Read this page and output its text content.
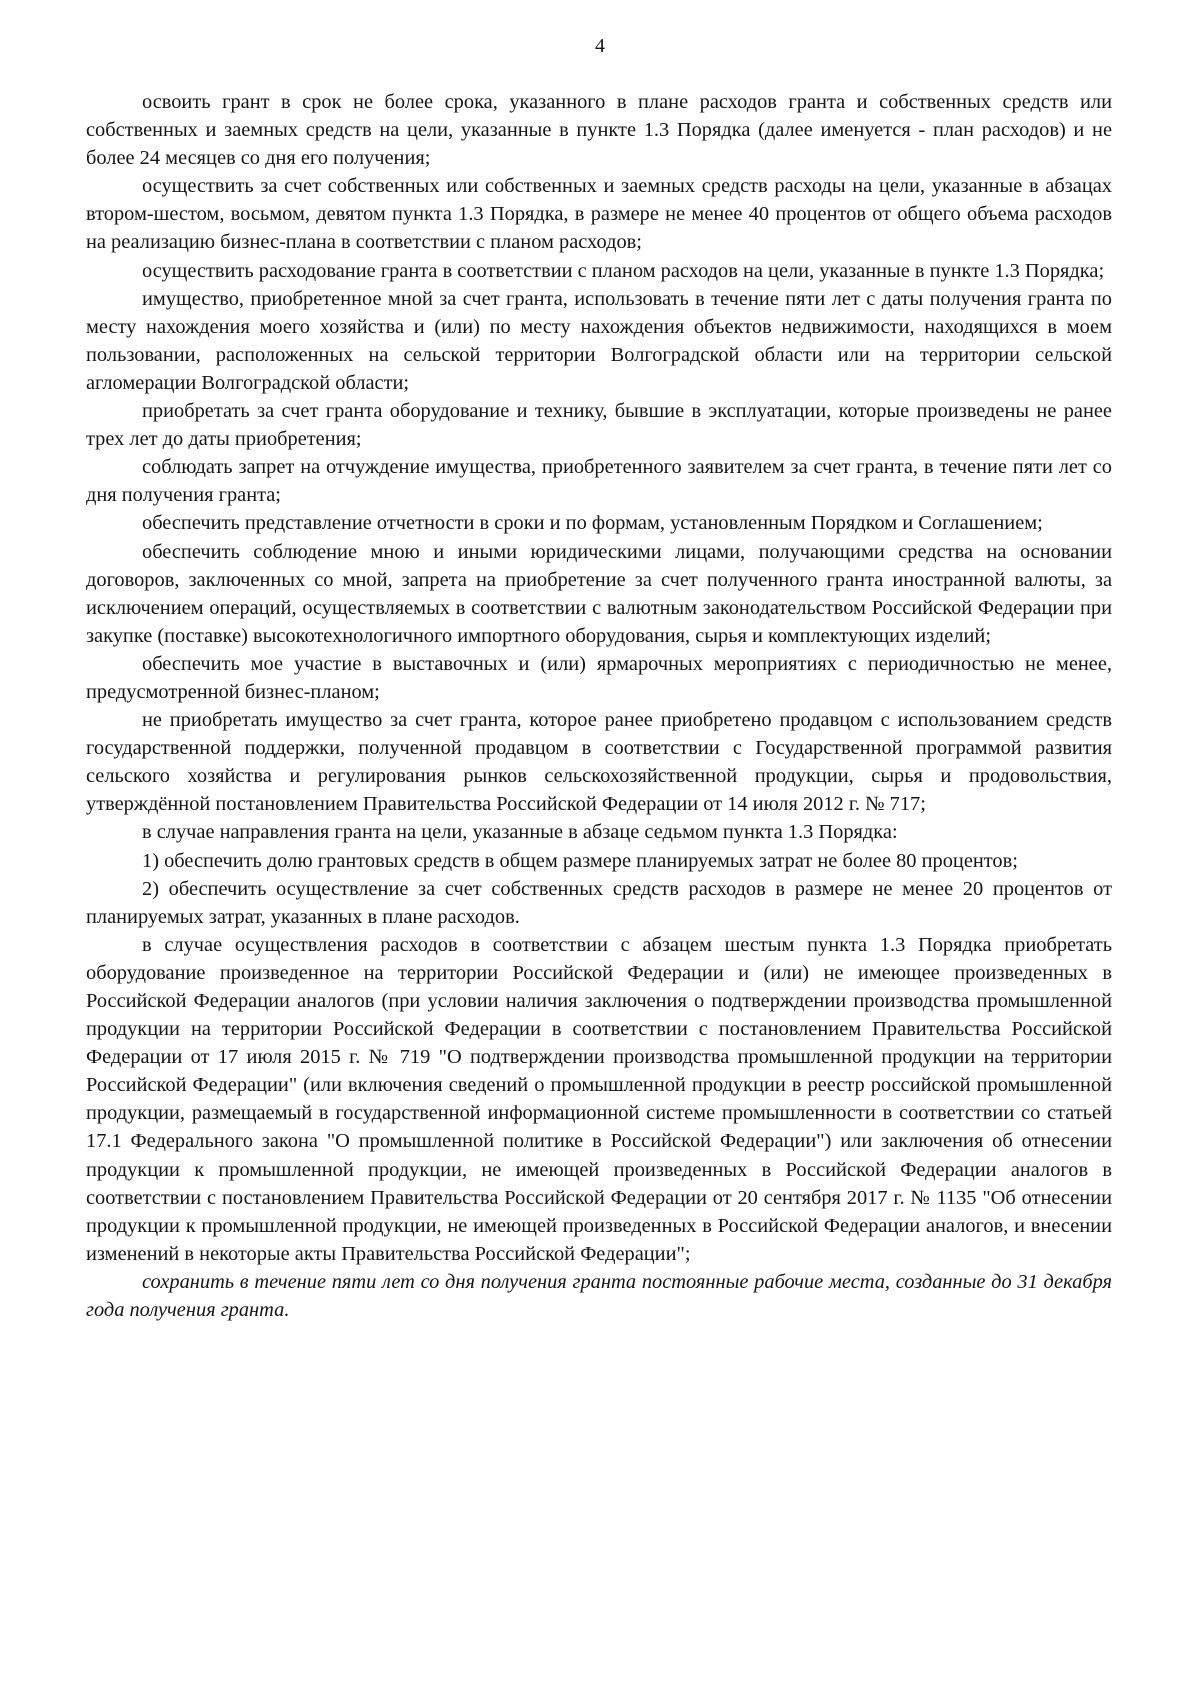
4

освоить грант в срок не более срока, указанного в плане расходов гранта и собственных средств или собственных и заемных средств на цели, указанные в пункте 1.3 Порядка (далее именуется - план расходов) и не более 24 месяцев со дня его получения;

осуществить за счет собственных или собственных и заемных средств расходы на цели, указанные в абзацах втором-шестом, восьмом, девятом пункта 1.3 Порядка, в размере не менее 40 процентов от общего объема расходов на реализацию бизнес-плана в соответствии с планом расходов;

осуществить расходование гранта в соответствии с планом расходов на цели, указанные в пункте 1.3 Порядка;

имущество, приобретенное мной за счет гранта, использовать в течение пяти лет с даты получения гранта по месту нахождения моего хозяйства и (или) по месту нахождения объектов недвижимости, находящихся в моем пользовании, расположенных на сельской территории Волгоградской области или на территории сельской агломерации Волгоградской области;

приобретать за счет гранта оборудование и технику, бывшие в эксплуатации, которые произведены не ранее трех лет до даты приобретения;

соблюдать запрет на отчуждение имущества, приобретенного заявителем за счет гранта, в течение пяти лет со дня получения гранта;

обеспечить представление отчетности в сроки и по формам, установленным Порядком и Соглашением;

обеспечить соблюдение мною и иными юридическими лицами, получающими средства на основании договоров, заключенных со мной, запрета на приобретение за счет полученного гранта иностранной валюты, за исключением операций, осуществляемых в соответствии с валютным законодательством Российской Федерации при закупке (поставке) высокотехнологичного импортного оборудования, сырья и комплектующих изделий;

обеспечить мое участие в выставочных и (или) ярмарочных мероприятиях с периодичностью не менее, предусмотренной бизнес-планом;

не приобретать имущество за счет гранта, которое ранее приобретено продавцом с использованием средств государственной поддержки, полученной продавцом в соответствии с Государственной программой развития сельского хозяйства и регулирования рынков сельскохозяйственной продукции, сырья и продовольствия, утверждённой постановлением Правительства Российской Федерации от 14 июля 2012 г. № 717;

в случае направления гранта на цели, указанные в абзаце седьмом пункта 1.3 Порядка:

1) обеспечить долю грантовых средств в общем размере планируемых затрат не более 80 процентов;

2) обеспечить осуществление за счет собственных средств расходов в размере не менее 20 процентов от планируемых затрат, указанных в плане расходов.

в случае осуществления расходов в соответствии с абзацем шестым пункта 1.3 Порядка приобретать оборудование произведенное на территории Российской Федерации и (или) не имеющее произведенных в Российской Федерации аналогов (при условии наличия заключения о подтверждении производства промышленной продукции на территории Российской Федерации в соответствии с постановлением Правительства Российской Федерации от 17 июля 2015 г. № 719 "О подтверждении производства промышленной продукции на территории Российской Федерации" (или включения сведений о промышленной продукции в реестр российской промышленной продукции, размещаемый в государственной информационной системе промышленности в соответствии со статьей 17.1 Федерального закона "О промышленной политике в Российской Федерации") или заключения об отнесении продукции к промышленной продукции, не имеющей произведенных в Российской Федерации аналогов в соответствии с постановлением Правительства Российской Федерации от 20 сентября 2017 г. № 1135 "Об отнесении продукции к промышленной продукции, не имеющей произведенных в Российской Федерации аналогов, и внесении изменений в некоторые акты Правительства Российской Федерации";

сохранить в течение пяти лет со дня получения гранта постоянные рабочие места, созданные до 31 декабря года получения гранта.
